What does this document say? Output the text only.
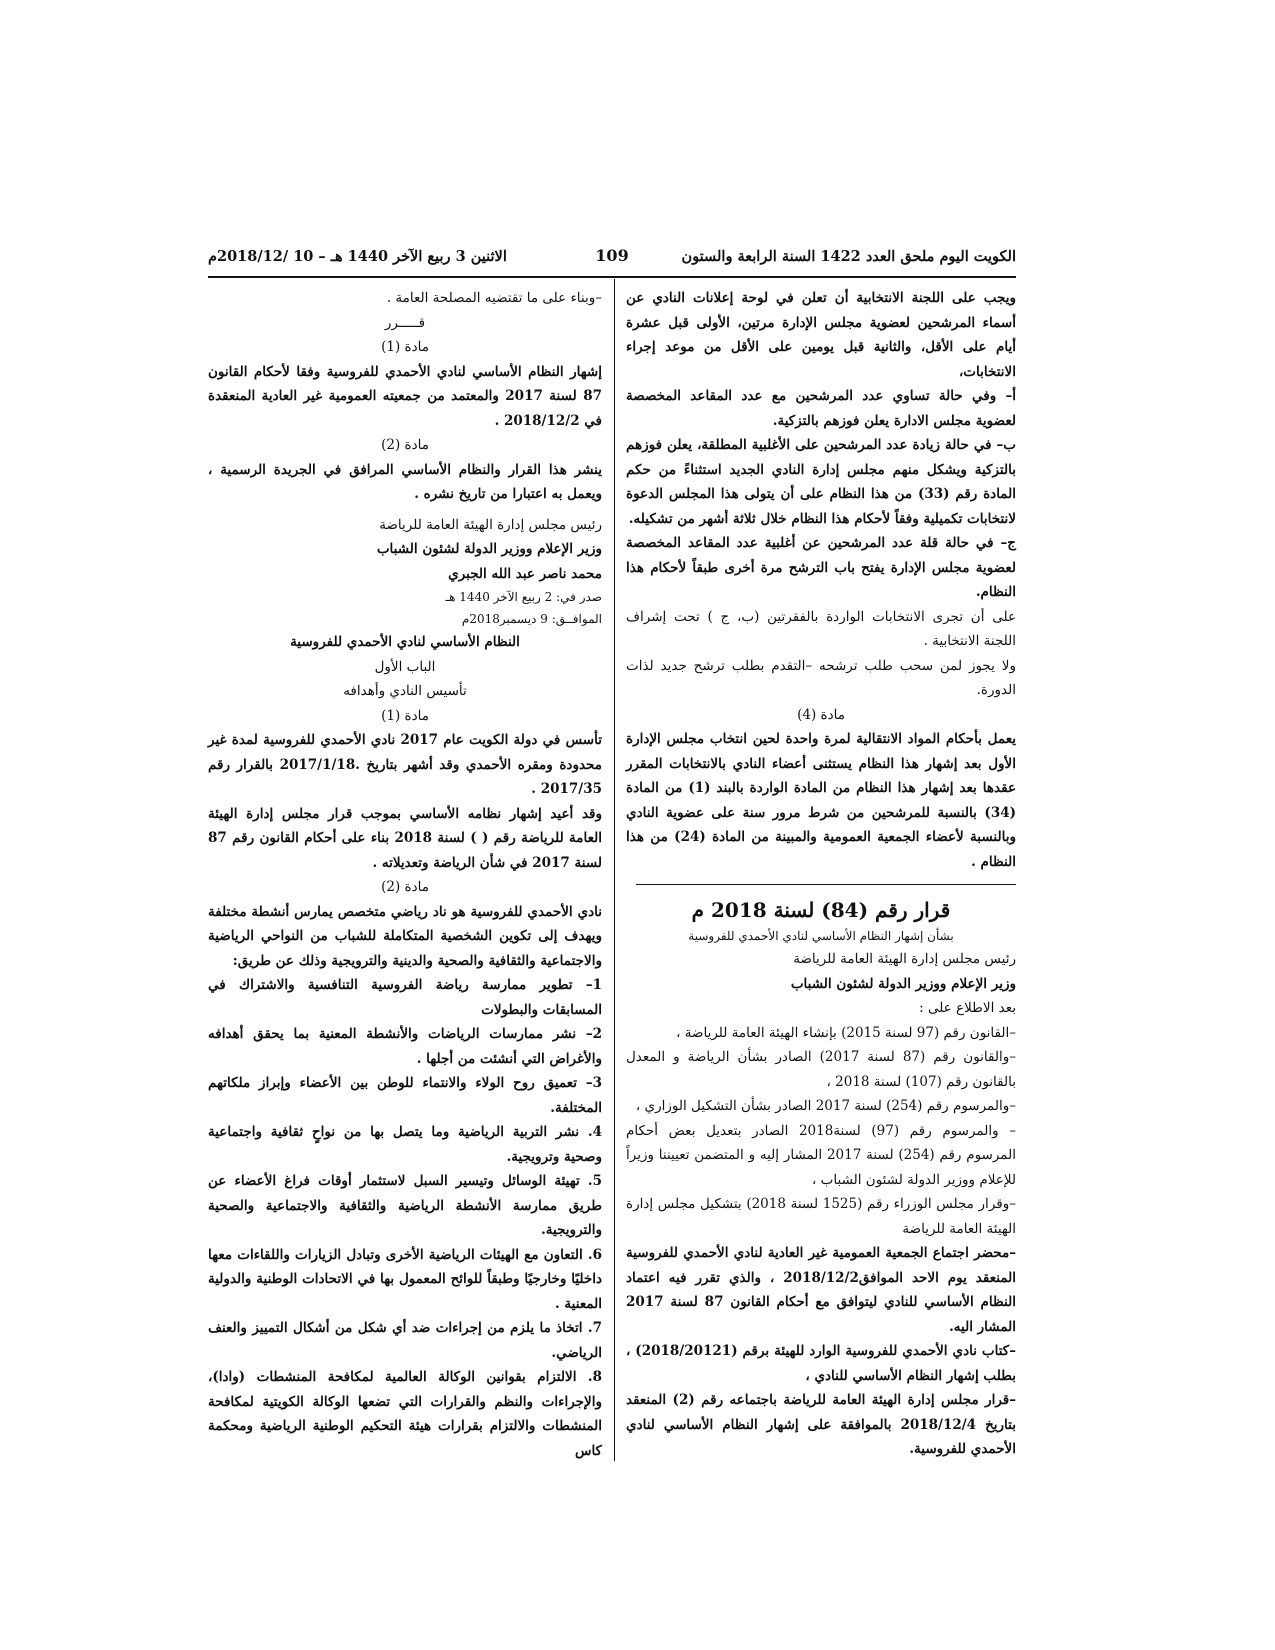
الكويت اليوم ملحق العدد 1422 السنة الرابعة والستون
109
الاثنين 3 ربيع الآخر 1440 هـ – 10 /2018/12م

ويجب على اللجنة الانتخابية أن تعلن في لوحة إعلانات النادي عن أسماء المرشحين لعضوية مجلس الإدارة مرتين، الأولى قبل عشرة أيام على الأقل، والثانية قبل يومين على الأقل من موعد إجراء الانتخابات،

أ– وفي حالة تساوي عدد المرشحين مع عدد المقاعد المخصصة لعضوية مجلس الادارة يعلن فوزهم بالتزكية.

ب– في حالة زيادة عدد المرشحين على الأغلبية المطلقة، يعلن فوزهم بالتزكية ويشكل منهم مجلس إدارة النادي الجديد استثناءً من حكم المادة رقم (33) من هذا النظام على أن يتولى هذا المجلس الدعوة لانتخابات تكميلية وفقاً لأحكام هذا النظام خلال ثلاثة أشهر من تشكيله.

ج– في حالة قلة عدد المرشحين عن أغلبية عدد المقاعد المخصصة لعضوية مجلس الإدارة يفتح باب الترشح مرة أخرى طبقاً لأحكام هذا النظام.

على أن تجرى الانتخابات الواردة بالفقرتين (ب، ج ) تحت إشراف اللجنة الانتخابية .

ولا يجوز لمن سحب طلب ترشحه –التقدم بطلب ترشح جديد لذات الدورة.

مادة (4)

يعمل بأحكام المواد الانتقالية لمرة واحدة لحين انتخاب مجلس الإدارة الأول بعد إشهار هذا النظام يستثنى أعضاء النادي بالانتخابات المقرر عقدها بعد إشهار هذا النظام من المادة الواردة بالبند (1) من المادة (34) بالنسبة للمرشحين من شرط مرور سنة على عضوية النادي وبالنسبة لأعضاء الجمعية العمومية والمبينة من المادة (24) من هذا النظام .

قرار رقم (84) لسنة 2018 م

بشأن إشهار النظام الأساسي لنادي الأحمدي للفروسية

رئيس مجلس إدارة الهيئة العامة للرياضة

وزير الإعلام ووزير الدولة لشئون الشباب

بعد الاطلاع على :

–القانون رقم (97 لسنة 2015) بإنشاء الهيئة العامة للرياضة ،

–والقانون رقم (87 لسنة 2017) الصادر بشأن الرياضة و المعدل بالقانون رقم (107) لسنة 2018 ،

–والمرسوم رقم (254) لسنة 2017 الصادر بشأن التشكيل الوزاري ،

– والمرسوم رقم (97) لسنة2018 الصادر بتعديل بعض أحكام المرسوم رقم (254) لسنة 2017 المشار إليه و المتضمن تعييننا وزيراً للإعلام ووزير الدولة لشئون الشباب ،

–وقرار مجلس الوزراء رقم (1525 لسنة 2018) بتشكيل مجلس إدارة الهيئة العامة للرياضة

–محضر اجتماع الجمعية العمومية غير العادية لنادي الأحمدي للفروسية المنعقد يوم الاحد الموافق2018/12/2 ، والذي تقرر فيه اعتماد النظام الأساسي للنادي ليتوافق مع أحكام القانون 87 لسنة 2017 المشار اليه.

–كتاب نادي الأحمدي للفروسية الوارد للهيئة برقم (2018/20121) ، بطلب إشهار النظام الأساسي للنادي ،

–قرار مجلس إدارة الهيئة العامة للرياضة باجتماعه رقم (2) المنعقد بتاريخ 2018/12/4 بالموافقة على إشهار النظام الأساسي لنادي الأحمدي للفروسية.

–وبناء على ما تقتضيه المصلحة العامة .

قـــــرر

مادة (1)

إشهار النظام الأساسي لنادي الأحمدي للفروسية وفقا لأحكام القانون 87 لسنة 2017 والمعتمد من جمعيته العمومية غير العادية المنعقدة في 2018/12/2 .

مادة (2)

ينشر هذا القرار والنظام الأساسي المرافق في الجريدة الرسمية ، ويعمل به اعتبارا من تاريخ نشره .

رئيس مجلس إدارة الهيئة العامة للرياضة

وزير الإعلام ووزير الدولة لشئون الشباب

محمد ناصر عبد الله الجبري

صدر في: 2 ربيع الآخر 1440 هـ

الموافــق: 9 ديسمبر2018م

النظام الأساسي لنادي الأحمدي للفروسية

الباب الأول

تأسيس النادي وأهدافه

مادة (1)

تأسس في دولة الكويت عام 2017 نادي الأحمدي للفروسية لمدة غير محدودة ومقره الأحمدي وقد أشهر بتاريخ .2017/1/18 بالقرار رقم 2017/35 .

وقد أعيد إشهار نظامه الأساسي بموجب قرار مجلس إدارة الهيئة العامة للرياضة رقم ( ) لسنة 2018 بناء على أحكام القانون رقم 87 لسنة 2017 في شأن الرياضة وتعديلاته .

مادة (2)

نادي الأحمدي للفروسية هو ناد رياضي متخصص يمارس أنشطة مختلفة ويهدف إلى تكوين الشخصية المتكاملة للشباب من النواحي الرياضية والاجتماعية والثقافية والصحية والدينية والترويجية وذلك عن طريق:

1– تطوير ممارسة رياضة الفروسية التنافسية والاشتراك في المسابقات والبطولات

2– نشر ممارسات الرياضات والأنشطة المعنية بما يحقق أهدافه والأغراض التي أنشئت من أجلها .

3– تعميق روح الولاء والانتماء للوطن بين الأعضاء وإبراز ملكاتهم المختلفة.

4. نشر التربية الرياضية وما يتصل بها من نواحٍ ثقافية واجتماعية وصحية وترويجية.

5. تهيئة الوسائل وتيسير السبل لاستثمار أوقات فراغ الأعضاء عن طريق ممارسة الأنشطة الرياضية والثقافية والاجتماعية والصحية والترويجية.

6. التعاون مع الهيئات الرياضية الأخرى وتبادل الزيارات واللقاءات معها داخليًا وخارجيًا وطبقاً للوائح المعمول بها في الاتحادات الوطنية والدولية المعنية .

7. اتخاذ ما يلزم من إجراءات ضد أي شكل من أشكال التمييز والعنف الرياضي.

8. الالتزام بقوانين الوكالة العالمية لمكافحة المنشطات (وادا)، والإجراءات والنظم والقرارات التي تضعها الوكالة الكويتية لمكافحة المنشطات والالتزام بقرارات هيئة التحكيم الوطنية الرياضية ومحكمة كاس
